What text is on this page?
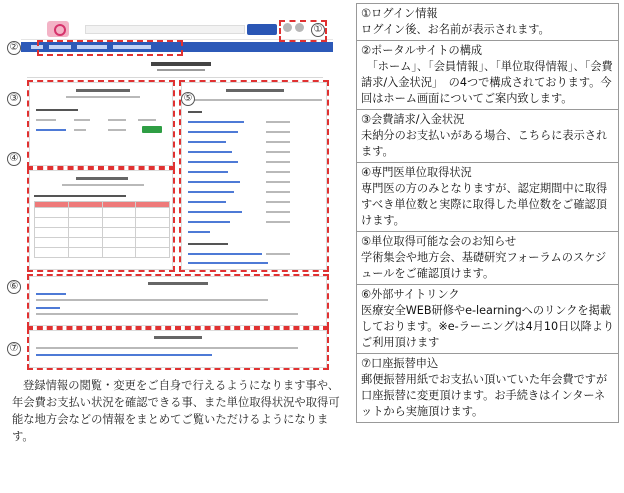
①
②
③
④
⑤
⑥
⑦

登録情報の閲覧・変更をご自身で行えるようになります事や、年会費お支払い状況を確認できる事、また単位取得状況や取得可能な地方会などの情報をまとめてご覧いただけるようになります。

①ログイン情報
ログイン後、お名前が表示されます。

②ポータルサイトの構成
　「ホーム」、「会員情報」、「単位取得情報」、「会費請求/入金状況」　の4つで構成されております。今回はホーム画面についてご案内致します。

③会費請求/入金状況
未納分のお支払いがある場合、こちらに表示されます。

④専門医単位取得状況
専門医の方のみとなりますが、認定期間中に取得すべき単位数と実際に取得した単位数をご確認頂けます。

⑤単位取得可能な会のお知らせ
学術集会や地方会、基礎研究フォーラムのスケジュールをご確認頂けます。

⑥外部サイトリンク
医療安全WEB研修やe-learningへのリンクを掲載しております。※e-ラーニングは4月10日以降よりご利用頂けます

⑦口座振替申込
郵便振替用紙でお支払い頂いていた年会費ですが口座振替に変更頂けます。お手続きはインターネットから実施頂けます。
